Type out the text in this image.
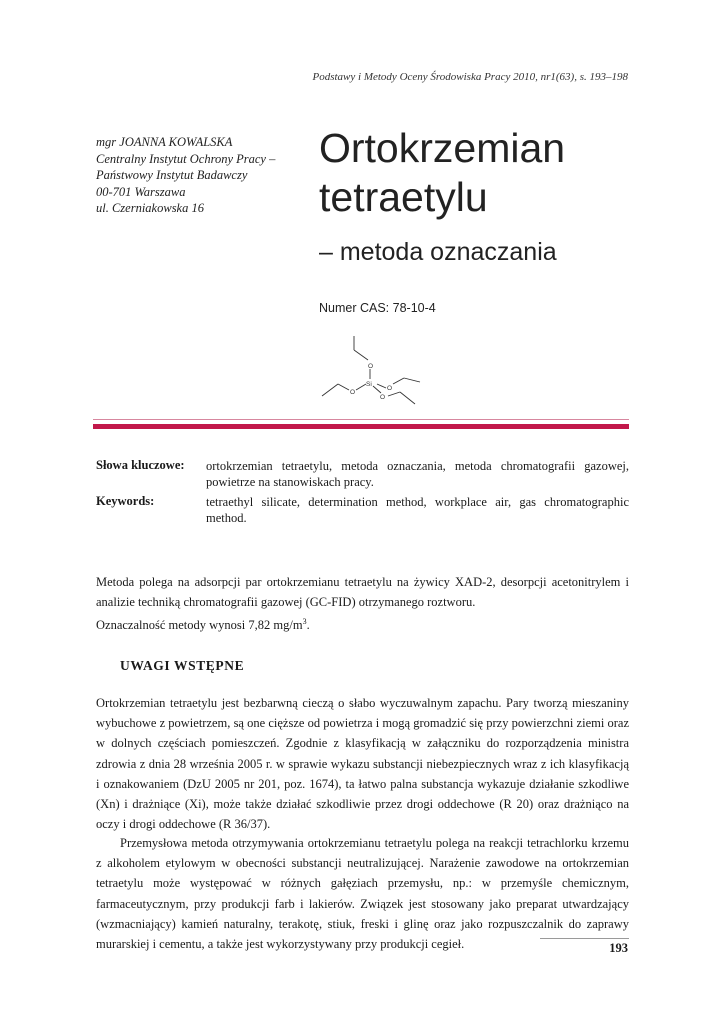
Podstawy i Metody Oceny Środowiska Pracy 2010, nr1(63), s. 193–198
mgr JOANNA KOWALSKA
Centralny Instytut Ochrony Pracy –
Państwowy Instytut Badawczy
00-701 Warszawa
ul. Czerniakowska 16
Ortokrzemian
tetraetylu
– metoda oznaczania
Numer CAS: 78-10-4
O
Si
O
O
O
Słowa kluczowe: ortokrzemian tetraetylu, metoda oznaczania, metoda chromatografii gazowej, powietrze na stanowiskach pracy.
Keywords:	tetraethyl silicate, determination method, workplace air, gas chromatographic method.

Metoda polega na adsorpcji par ortokrzemianu tetraetylu na żywicy XAD-2, desorpcji acetonitrylem i analizie techniką chromatografii gazowej (GC-FID) otrzymanego roztworu.

Oznaczalność metody wynosi 7,82 $mg/m^3$.

UWAGI WSTĘPNE

Ortokrzemian tetraetylu jest bezbarwną cieczą o słabo wyczuwalnym zapachu. Pary tworzą mieszaniny wybuchowe z powietrzem, są one cięższe od powietrza i mogą gromadzić się przy powierzchni ziemi oraz w dolnych częściach pomieszczeń. Zgodnie z klasyfikacją w załączniku do rozporządzenia ministra zdrowia z dnia 28 września 2005 r. w sprawie wykazu substancji niebezpiecznych wraz z ich klasyfikacją i oznakowaniem (DzU 2005 nr 201, poz. 1674), ta łatwo palna substancja wykazuje działanie szkodliwe (Xn) i drażniące (Xi), może także działać szkodliwie przez drogi oddechowe (R 20) oraz drażniąco na oczy i drogi oddechowe (R 36/37).

Przemysłowa metoda otrzymywania ortokrzemianu tetraetylu polega na reakcji tetrachlorku krzemu z alkoholem etylowym w obecności substancji neutralizującej. Narażenie zawodowe na ortokrzemian tetraetylu może występować w różnych gałęziach przemysłu, np.: w przemyśle chemicznym, farmaceutycznym, przy produkcji farb i lakierów. Związek jest stosowany jako preparat utwardzający (wzmacniający) kamień naturalny, terakotę, stiuk, freski i glinę oraz jako rozpuszczalnik do zaprawy murarskiej i cementu, a także jest wykorzystywany przy produkcji cegieł.	193
